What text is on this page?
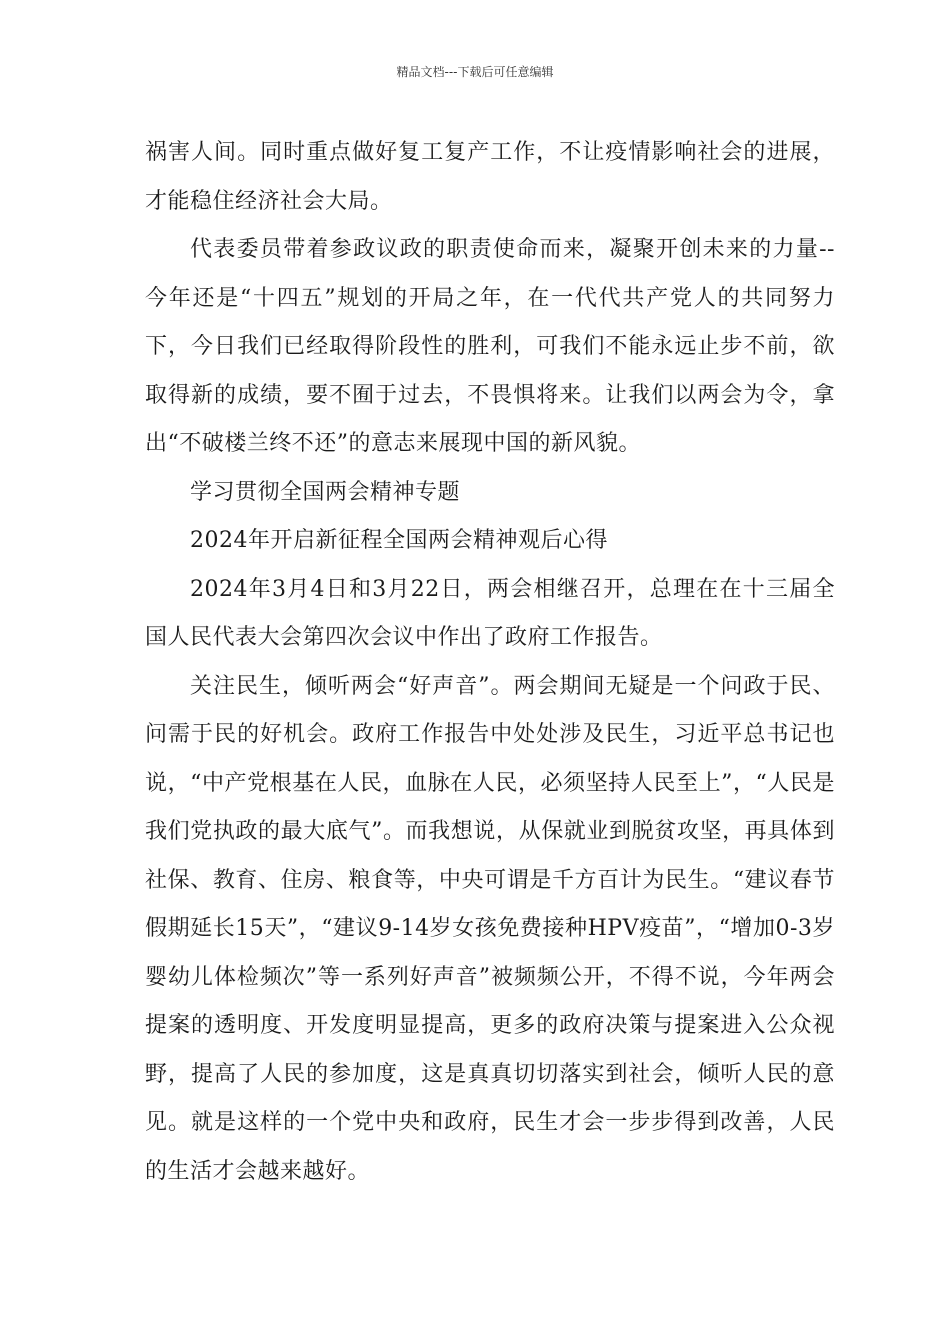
精品文档---下载后可任意编辑

祸害人间。同时重点做好复工复产工作，不让疫情影响社会的进展，才能稳住经济社会大局。

代表委员带着参政议政的职责使命而来，凝聚开创未来的力量--今年还是“十四五”规划的开局之年，在一代代共产党人的共同努力下，今日我们已经取得阶段性的胜利，可我们不能永远止步不前，欲取得新的成绩，要不囿于过去，不畏惧将来。让我们以两会为令，拿出“不破楼兰终不还”的意志来展现中国的新风貌。

学习贯彻全国两会精神专题

2024年开启新征程全国两会精神观后心得

2024年3月4日和3月22日，两会相继召开，总理在在十三届全国人民代表大会第四次会议中作出了政府工作报告。

关注民生，倾听两会“好声音”。两会期间无疑是一个问政于民、问需于民的好机会。政府工作报告中处处涉及民生，习近平总书记也说，“中产党根基在人民，血脉在人民，必须坚持人民至上”，“人民是我们党执政的最大底气”。而我想说，从保就业到脱贫攻坚，再具体到社保、教育、住房、粮食等，中央可谓是千方百计为民生。“建议春节假期延长15天”，“建议9-14岁女孩免费接种HPV疫苗”，“增加0-3岁婴幼儿体检频次”等一系列好声音”被频频公开，不得不说，今年两会提案的透明度、开发度明显提高，更多的政府决策与提案进入公众视野，提高了人民的参加度，这是真真切切落实到社会，倾听人民的意见。就是这样的一个党中央和政府，民生才会一步步得到改善，人民的生活才会越来越好。
